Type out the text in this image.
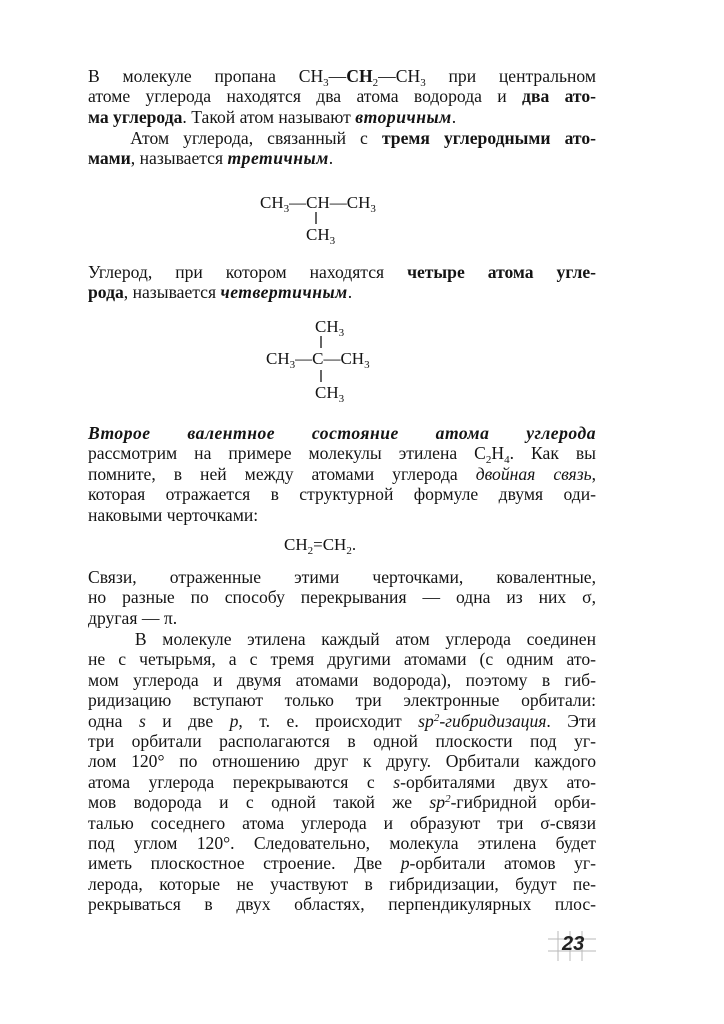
В молекуле пропана $CH_3—CH_2—CH_3$ при центральном
атоме углерода находятся два атома водорода и два ато-
ма углерода. Такой атом называют вторичным.
Атом углерода, связанный с тремя углеродными ато-
мами, называется третичным.
$CH_3—CH—CH_3$
$CH_3$
Углерод, при котором находятся четыре атома угле-
рода, называется четвертичным.
$CH_3$
$CH_3—C—CH_3$
$CH_3$
Второе валентное состояние атома углерода
рассмотрим на примере молекулы этилена $C_2H_4$. Как вы
помните, в ней между атомами углерода двойная связь,
которая отражается в структурной формуле двумя оди-
наковыми черточками:
$CH_2=CH_2$.
Связи, отраженные этими черточками, ковалентные,
но разные по способу перекрывания — одна из них σ,
другая — π.
В молекуле этилена каждый атом углерода соединен
не с четырьмя, а с тремя другими атомами (с одним ато-
мом углерода и двумя атомами водорода), поэтому в гиб-
ридизацию вступают только три электронные орбитали:
одна s и две p, т. е. происходит $sp^2$-гибридизация. Эти
три орбитали располагаются в одной плоскости под уг-
лом 120° по отношению друг к другу. Орбитали каждого
атома углерода перекрываются с s-орбиталями двух ато-
мов водорода и с одной такой же $sp^2$-гибридной орби-
талью соседнего атома углерода и образуют три σ-связи
под углом 120°. Следовательно, молекула этилена будет
иметь плоскостное строение. Две p-орбитали атомов уг-
лерода, которые не участвуют в гибридизации, будут пе-
рекрываться в двух областях, перпендикулярных плос-
23
